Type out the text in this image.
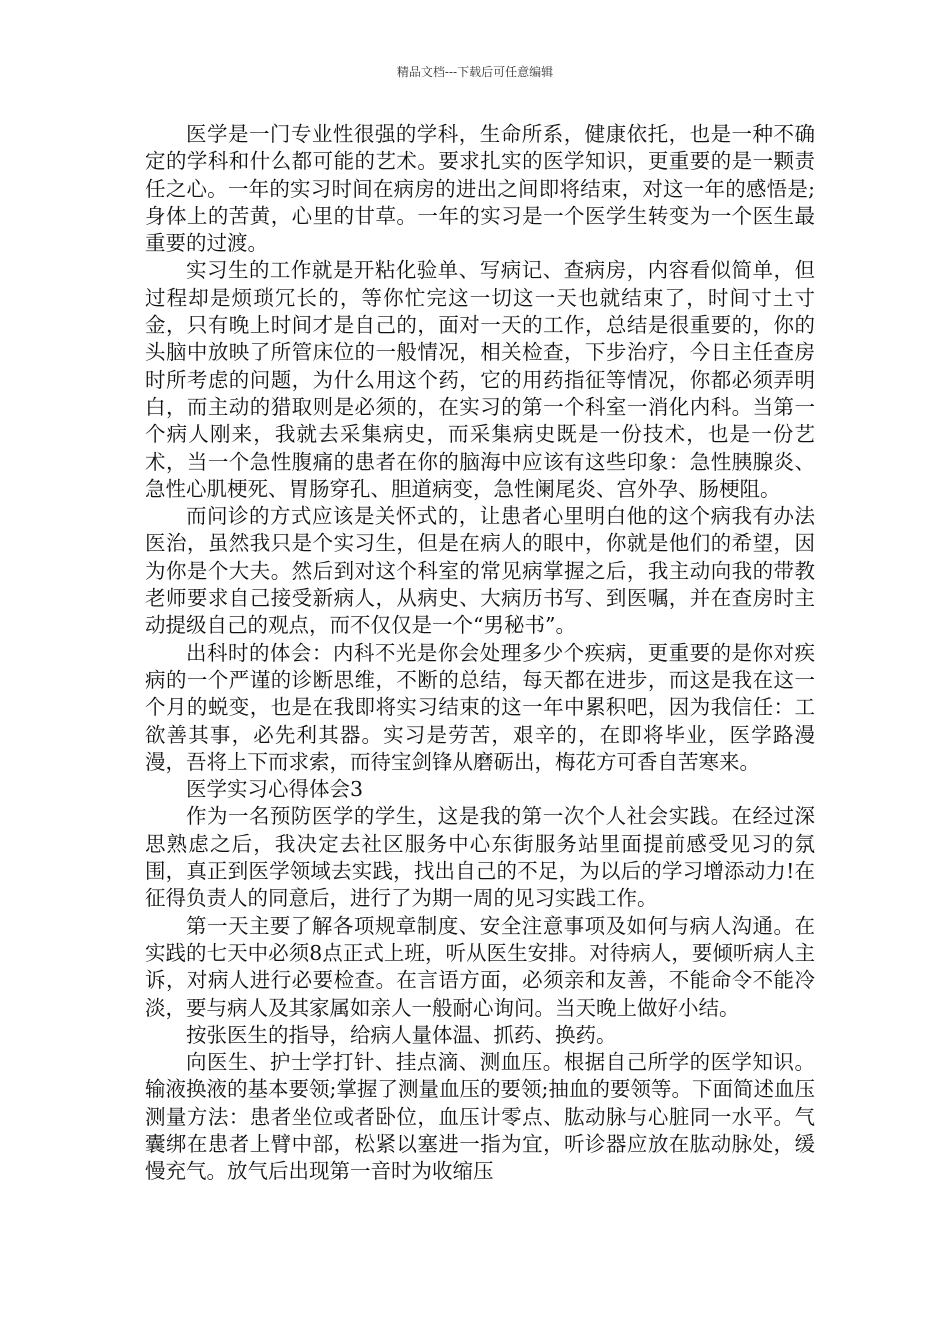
精品文档---下载后可任意编辑

医学是一门专业性很强的学科，生命所系，健康依托，也是一种不确定的学科和什么都可能的艺术。要求扎实的医学知识，更重要的是一颗责任之心。一年的实习时间在病房的进出之间即将结束，对这一年的感悟是;身体上的苦黄，心里的甘草。一年的实习是一个医学生转变为一个医生最重要的过渡。

实习生的工作就是开粘化验单、写病记、查病房，内容看似简单，但过程却是烦琐冗长的，等你忙完这一切这一天也就结束了，时间寸土寸金，只有晚上时间才是自己的，面对一天的工作，总结是很重要的，你的头脑中放映了所管床位的一般情况，相关检查，下步治疗，今日主任查房时所考虑的问题，为什么用这个药，它的用药指征等情况，你都必须弄明白，而主动的猎取则是必须的，在实习的第一个科室一消化内科。当第一个病人刚来，我就去采集病史，而采集病史既是一份技术，也是一份艺术，当一个急性腹痛的患者在你的脑海中应该有这些印象：急性胰腺炎、急性心肌梗死、胃肠穿孔、胆道病变，急性阑尾炎、宫外孕、肠梗阻。

而问诊的方式应该是关怀式的，让患者心里明白他的这个病我有办法医治，虽然我只是个实习生，但是在病人的眼中，你就是他们的希望，因为你是个大夫。然后到对这个科室的常见病掌握之后，我主动向我的带教老师要求自己接受新病人，从病史、大病历书写、到医嘱，并在查房时主动提级自己的观点，而不仅仅是一个“男秘书”。

出科时的体会：内科不光是你会处理多少个疾病，更重要的是你对疾病的一个严谨的诊断思维，不断的总结，每天都在进步，而这是我在这一个月的蜕变，也是在我即将实习结束的这一年中累积吧，因为我信任：工欲善其事，必先利其器。实习是劳苦，艰辛的，在即将毕业，医学路漫漫，吾将上下而求索，而待宝剑锋从磨砺出，梅花方可香自苦寒来。

医学实习心得体会3

作为一名预防医学的学生，这是我的第一次个人社会实践。在经过深思熟虑之后，我决定去社区服务中心东街服务站里面提前感受见习的氛围，真正到医学领域去实践，找出自己的不足，为以后的学习增添动力!在征得负责人的同意后，进行了为期一周的见习实践工作。

第一天主要了解各项规章制度、安全注意事项及如何与病人沟通。在实践的七天中必须8点正式上班，听从医生安排。对待病人，要倾听病人主诉，对病人进行必要检查。在言语方面，必须亲和友善，不能命令不能冷淡，要与病人及其家属如亲人一般耐心询问。当天晚上做好小结。

按张医生的指导，给病人量体温、抓药、换药。

向医生、护士学打针、挂点滴、测血压。根据自己所学的医学知识。输液换液的基本要领;掌握了测量血压的要领;抽血的要领等。下面简述血压测量方法：患者坐位或者卧位，血压计零点、肱动脉与心脏同一水平。气囊绑在患者上臂中部，松紧以塞进一指为宜，听诊器应放在肱动脉处，缓慢充气。放气后出现第一音时为收缩压
